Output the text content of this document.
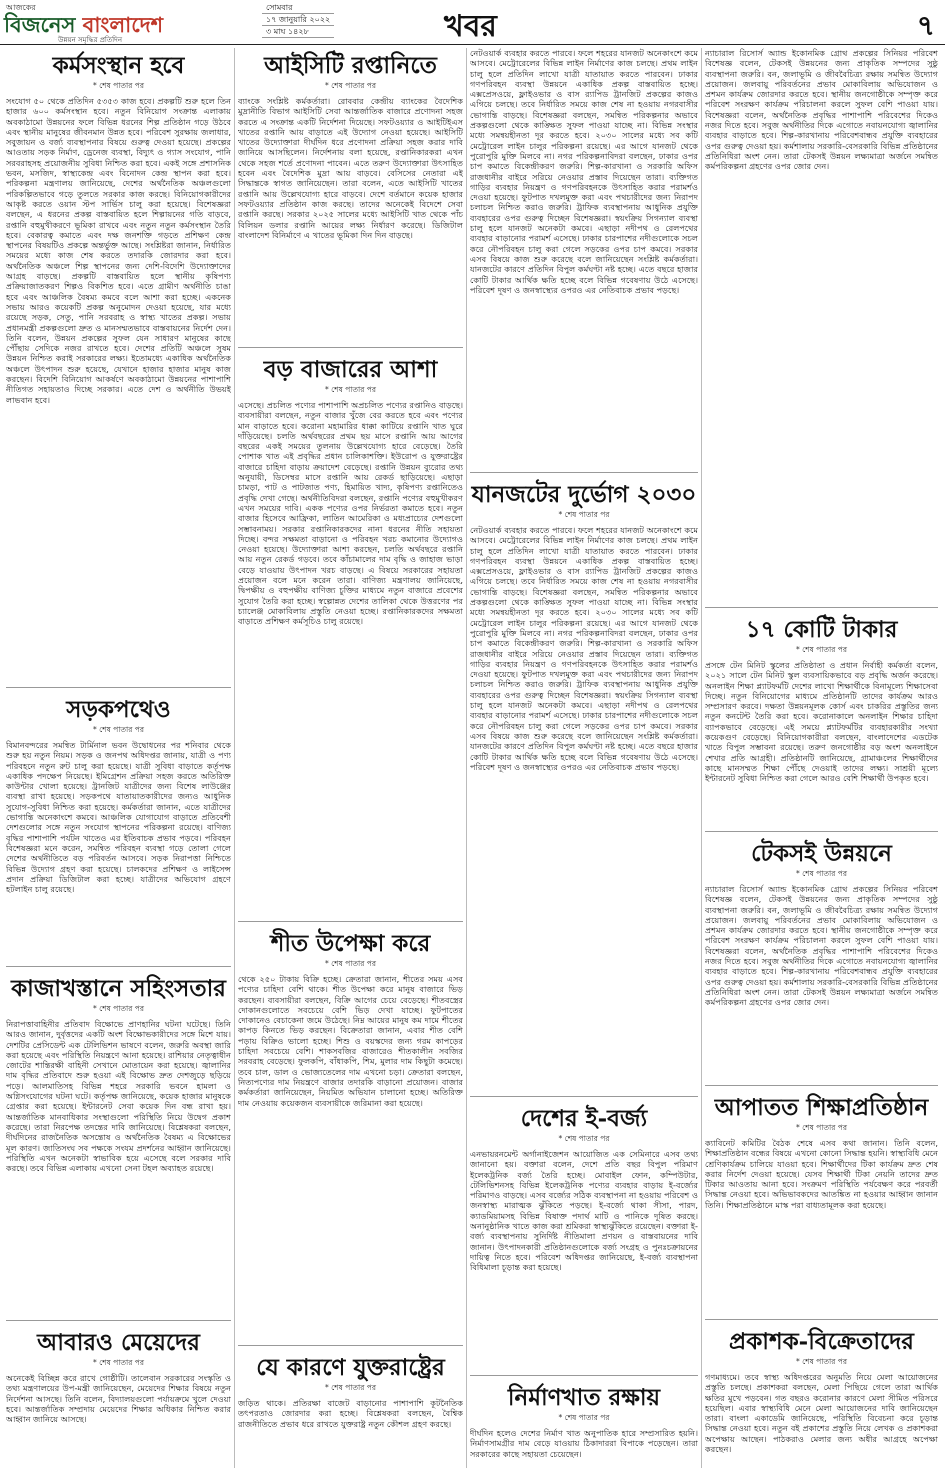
আজকের
বিজনেস বাংলাদেশ
উন্নয়ন সমৃদ্ধির প্রতিদিন
সোমবার
১৭ জানুয়ারি ২০২২
৩ মাঘ ১৪২৮	খবর	৭
কর্মসংস্থান হবে
* শেষ পাতার পর

সংযোগ ৫০ থেকে প্রতিদিন ৫৩৫৩ কাজ হবে। প্রকল্পটি শুরু হলে তিন হাজার ৬০০ কর্মসংস্থান হবে। নতুন বিনিয়োগ সংক্রান্ত এলাকায় অবকাঠামো উন্নয়নের ফলে বিভিন্ন ধরনের শিল্প প্রতিষ্ঠান গড়ে উঠবে এবং স্থানীয় মানুষের জীবনমান উন্নত হবে। পরিবেশ সুরক্ষায় জলাধার, সবুজায়ন ও বর্জ্য ব্যবস্থাপনার বিষয়ে গুরুত্ব দেওয়া হয়েছে। প্রকল্পের আওতায় সড়ক নির্মাণ, ড্রেনেজ ব্যবস্থা, বিদ্যুৎ ও গ্যাস সংযোগ, পানি সরবরাহসহ প্রয়োজনীয় সুবিধা নিশ্চিত করা হবে। একই সঙ্গে প্রশাসনিক ভবন, মসজিদ, স্বাস্থ্যকেন্দ্র এবং বিনোদন কেন্দ্র স্থাপন করা হবে। পরিকল্পনা মন্ত্রণালয় জানিয়েছে, দেশের অর্থনৈতিক অঞ্চলগুলো পরিকল্পিতভাবে গড়ে তুলতে সরকার কাজ করছে। বিনিয়োগকারীদের আকৃষ্ট করতে ওয়ান স্টপ সার্ভিস চালু করা হয়েছে। বিশেষজ্ঞরা বলছেন, এ ধরনের প্রকল্প বাস্তবায়িত হলে শিল্পায়নের গতি বাড়বে, রপ্তানি বহুমুখীকরণে ভূমিকা রাখবে এবং নতুন নতুন কর্মসংস্থান তৈরি হবে। বেকারত্ব কমাতে এবং দক্ষ জনশক্তি গড়তে প্রশিক্ষণ কেন্দ্র স্থাপনের বিষয়টিও প্রকল্পে অন্তর্ভুক্ত আছে। সংশ্লিষ্টরা জানান, নির্ধারিত সময়ের মধ্যে কাজ শেষ করতে তদারকি জোরদার করা হবে। অর্থনৈতিক অঞ্চলে শিল্প স্থাপনের জন্য দেশি-বিদেশি উদ্যোক্তাদের আগ্রহ বাড়ছে। প্রকল্পটি বাস্তবায়িত হলে স্থানীয় কৃষিপণ্য প্রক্রিয়াজাতকরণ শিল্পও বিকশিত হবে। এতে গ্রামীণ অর্থনীতি চাঙা হবে এবং আঞ্চলিক বৈষম্য কমবে বলে আশা করা হচ্ছে। একনেক সভায় আরও কয়েকটি প্রকল্প অনুমোদন দেওয়া হয়েছে, যার মধ্যে রয়েছে সড়ক, সেতু, পানি সরবরাহ ও স্বাস্থ্য খাতের প্রকল্প। সভায় প্রধানমন্ত্রী প্রকল্পগুলো দ্রুত ও মানসম্মতভাবে বাস্তবায়নের নির্দেশ দেন। তিনি বলেন, উন্নয়ন প্রকল্পের সুফল যেন সাধারণ মানুষের কাছে পৌঁছায় সেদিকে নজর রাখতে হবে। দেশের প্রতিটি অঞ্চলে সুষম উন্নয়ন নিশ্চিত করাই সরকারের লক্ষ্য। ইতোমধ্যে একাধিক অর্থনৈতিক অঞ্চলে উৎপাদন শুরু হয়েছে, যেখানে হাজার হাজার মানুষ কাজ করছেন। বিদেশি বিনিয়োগ আকর্ষণে অবকাঠামো উন্নয়নের পাশাপাশি নীতিগত সহায়তাও দিচ্ছে সরকার। এতে দেশ ও অর্থনীতি উভয়ই লাভবান হবে।

সড়কপথেও
* শেষ পাতার পর

বিমানবন্দরের সমন্বিত টার্মিনাল ভবন উদ্বোধনের পর শনিবার থেকে শুরু হয় নতুন নিয়ম। সড়ক ও জনপথ অধিদপ্তর জানায়, যাত্রী ও পণ্য পরিবহনে নতুন রুট চালু করা হয়েছে। যাত্রী সুবিধা বাড়াতে কর্তৃপক্ষ একাধিক পদক্ষেপ নিয়েছে। ইমিগ্রেশন প্রক্রিয়া সহজ করতে অতিরিক্ত কাউন্টার খোলা হয়েছে। ট্রানজিট যাত্রীদের জন্য বিশেষ লাউঞ্জের ব্যবস্থা রাখা হয়েছে। সড়কপথে যাতায়াতকারীদের জন্যও আধুনিক সুযোগ-সুবিধা নিশ্চিত করা হয়েছে। কর্মকর্তারা জানান, এতে যাত্রীদের ভোগান্তি অনেকাংশে কমবে। আঞ্চলিক যোগাযোগ বাড়াতে প্রতিবেশী দেশগুলোর সঙ্গে নতুন সংযোগ স্থাপনের পরিকল্পনা রয়েছে। বাণিজ্য বৃদ্ধির পাশাপাশি পর্যটন খাতেও এর ইতিবাচক প্রভাব পড়বে। পরিবহন বিশেষজ্ঞরা মনে করেন, সমন্বিত পরিবহন ব্যবস্থা গড়ে তোলা গেলে দেশের অর্থনীতিতে বড় পরিবর্তন আসবে। সড়ক নিরাপত্তা নিশ্চিতে বিভিন্ন উদ্যোগ গ্রহণ করা হয়েছে। চালকদের প্রশিক্ষণ ও লাইসেন্স প্রদান প্রক্রিয়া ডিজিটাল করা হচ্ছে। যাত্রীদের অভিযোগ গ্রহণে হটলাইন চালু রয়েছে।

কাজাখস্তানে সহিংসতার
* শেষ পাতার পর

নিরাপত্তাবাহিনীর প্রতিবাদ বিক্ষোভে প্রাণহানির ঘটনা ঘটেছে। তিনি আরও জানান, দুর্বৃত্তদের একটি অংশ বিক্ষোভকারীদের সঙ্গে মিশে যায়। দেশটির প্রেসিডেন্ট এক টেলিভিশন ভাষণে বলেন, জরুরি অবস্থা জারি করা হয়েছে এবং পরিস্থিতি নিয়ন্ত্রণে আনা হয়েছে। রাশিয়ার নেতৃত্বাধীন জোটের শান্তিরক্ষী বাহিনী সেখানে মোতায়েন করা হয়েছে। জ্বালানির দাম বৃদ্ধির প্রতিবাদে শুরু হওয়া এই বিক্ষোভ দ্রুত দেশজুড়ে ছড়িয়ে পড়ে। আলমাতিসহ বিভিন্ন শহরে সরকারি ভবনে হামলা ও অগ্নিসংযোগের ঘটনা ঘটে। কর্তৃপক্ষ জানিয়েছে, কয়েক হাজার মানুষকে গ্রেপ্তার করা হয়েছে। ইন্টারনেট সেবা কয়েক দিন বন্ধ রাখা হয়। আন্তর্জাতিক মানবাধিকার সংস্থাগুলো পরিস্থিতি নিয়ে উদ্বেগ প্রকাশ করেছে। তারা নিরপেক্ষ তদন্তের দাবি জানিয়েছে। বিশ্লেষকরা বলছেন, দীর্ঘদিনের রাজনৈতিক অসন্তোষ ও অর্থনৈতিক বৈষম্য এ বিক্ষোভের মূল কারণ। জাতিসংঘ সব পক্ষকে সংযম প্রদর্শনের আহ্বান জানিয়েছে। পরিস্থিতি এখন অনেকটা স্বাভাবিক হয়ে এসেছে বলে সরকার দাবি করছে। তবে বিভিন্ন এলাকায় এখনো সেনা টহল অব্যাহত রয়েছে।

আবারও মেয়েদের
* শেষ পাতার পর

অনেকেই বিচ্ছিন্ন করে রাখে গোষ্ঠীটি। তালেবান সরকারের সংস্কৃতি ও তথ্য মন্ত্রণালয়ের উপ-মন্ত্রী জানিয়েছেন, মেয়েদের শিক্ষার বিষয়ে নতুন নির্দেশনা আসছে। তিনি বলেন, বিদ্যালয়গুলো পর্যায়ক্রমে খুলে দেওয়া হবে। আন্তর্জাতিক সম্প্রদায় মেয়েদের শিক্ষার অধিকার নিশ্চিত করার আহ্বান জানিয়ে আসছে।

আইসিটি রপ্তানিতে
* শেষ পাতার পর

ব্যাংকে সংশ্লিষ্ট কর্মকর্তারা। রোববার কেন্দ্রীয় ব্যাংকের বৈদেশিক মুদ্রানীতি বিভাগ আইসিটি সেবা আন্তর্জাতিক বাজারে প্রণোদনা সহজ করতে এ সংক্রান্ত একটি নির্দেশনা দিয়েছে। সফটওয়্যার ও আইটিইএস খাতের রপ্তানি আয় বাড়াতে এই উদ্যোগ নেওয়া হয়েছে। আইসিটি খাতের উদ্যোক্তারা দীর্ঘদিন ধরে প্রণোদনা প্রক্রিয়া সহজ করার দাবি জানিয়ে আসছিলেন। নির্দেশনায় বলা হয়েছে, রপ্তানিকারকরা এখন থেকে সহজ শর্তে প্রণোদনা পাবেন। এতে তরুণ উদ্যোক্তারা উৎসাহিত হবেন এবং বৈদেশিক মুদ্রা আয় বাড়বে। বেসিসের নেতারা এই সিদ্ধান্তকে স্বাগত জানিয়েছেন। তারা বলেন, এতে আইসিটি খাতের রপ্তানি আয় উল্লেখযোগ্য হারে বাড়বে। দেশে বর্তমানে কয়েক হাজার সফটওয়্যার প্রতিষ্ঠান কাজ করছে। তাদের অনেকেই বিদেশে সেবা রপ্তানি করছে। সরকার ২০২৫ সালের মধ্যে আইসিটি খাত থেকে পাঁচ বিলিয়ন ডলার রপ্তানি আয়ের লক্ষ্য নির্ধারণ করেছে। ডিজিটাল বাংলাদেশ বিনির্মাণে এ খাতের ভূমিকা দিন দিন বাড়ছে।

বড় বাজারের আশা
* শেষ পাতার পর

এসেছে। প্রচলিত পণ্যের পাশাপাশি অপ্রচলিত পণ্যের রপ্তানিও বাড়ছে। ব্যবসায়ীরা বলছেন, নতুন বাজার খুঁজে বের করতে হবে এবং পণ্যের মান বাড়াতে হবে। করোনা মহামারির ধাক্কা কাটিয়ে রপ্তানি খাত ঘুরে দাঁড়িয়েছে। চলতি অর্থবছরের প্রথম ছয় মাসে রপ্তানি আয় আগের বছরের একই সময়ের তুলনায় উল্লেখযোগ্য হারে বেড়েছে। তৈরি পোশাক খাত এই প্রবৃদ্ধির প্রধান চালিকাশক্তি। ইউরোপ ও যুক্তরাষ্ট্রের বাজারে চাহিদা বাড়ায় ক্রয়াদেশ বেড়েছে। রপ্তানি উন্নয়ন ব্যুরোর তথ্য অনুযায়ী, ডিসেম্বর মাসে রপ্তানি আয় রেকর্ড ছাড়িয়েছে। এছাড়া চামড়া, পাট ও পাটজাত পণ্য, হিমায়িত খাদ্য, কৃষিপণ্য রপ্তানিতেও প্রবৃদ্ধি দেখা গেছে। অর্থনীতিবিদরা বলছেন, রপ্তানি পণ্যের বহুমুখীকরণ এখন সময়ের দাবি। একক পণ্যের ওপর নির্ভরতা কমাতে হবে। নতুন বাজার হিসেবে আফ্রিকা, লাতিন আমেরিকা ও মধ্যপ্রাচ্যের দেশগুলো সম্ভাবনাময়। সরকার রপ্তানিকারকদের নানা ধরনের নীতি সহায়তা দিচ্ছে। বন্দর সক্ষমতা বাড়ানো ও পরিবহন খরচ কমানোর উদ্যোগও নেওয়া হয়েছে। উদ্যোক্তারা আশা করছেন, চলতি অর্থবছরে রপ্তানি আয় নতুন রেকর্ড গড়বে। তবে কাঁচামালের দাম বৃদ্ধি ও জাহাজ ভাড়া বেড়ে যাওয়ায় উৎপাদন খরচ বাড়ছে। এ বিষয়ে সরকারের সহায়তা প্রয়োজন বলে মনে করেন তারা। বাণিজ্য মন্ত্রণালয় জানিয়েছে, দ্বিপক্ষীয় ও বহুপক্ষীয় বাণিজ্য চুক্তির মাধ্যমে নতুন বাজারে প্রবেশের সুযোগ তৈরি করা হচ্ছে। স্বল্পোন্নত দেশের তালিকা থেকে উত্তরণের পর চ্যালেঞ্জ মোকাবিলায় প্রস্তুতি নেওয়া হচ্ছে। রপ্তানিকারকদের সক্ষমতা বাড়াতে প্রশিক্ষণ কর্মসূচিও চালু রয়েছে।

শীত উপেক্ষা করে
* শেষ পাতার পর

থেকে ২৫০ টাকায় বিক্রি হচ্ছে। ক্রেতারা জানান, শীতের সময় এসব পণ্যের চাহিদা বেশি থাকে। শীত উপেক্ষা করে মানুষ বাজারে ভিড় করছেন। ব্যবসায়ীরা বলছেন, বিক্রি আগের চেয়ে বেড়েছে। শীতবস্ত্রের দোকানগুলোতে সবচেয়ে বেশি ভিড় দেখা যাচ্ছে। ফুটপাতের দোকানেও বেচাকেনা জমে উঠেছে। নিম্ন আয়ের মানুষ কম দামে শীতের কাপড় কিনতে ভিড় করছেন। বিক্রেতারা জানান, এবার শীত বেশি পড়ায় বিক্রিও ভালো হচ্ছে। শিশু ও বয়স্কদের জন্য গরম কাপড়ের চাহিদা সবচেয়ে বেশি। শাকসবজির বাজারেও শীতকালীন সবজির সরবরাহ বেড়েছে। ফুলকপি, বাঁধাকপি, শিম, মুলার দাম কিছুটা কমেছে। তবে চাল, ডাল ও ভোজ্যতেলের দাম এখনো চড়া। ক্রেতারা বলছেন, নিত্যপণ্যের দাম নিয়ন্ত্রণে বাজার তদারকি বাড়ানো প্রয়োজন। বাজার কর্মকর্তারা জানিয়েছেন, নিয়মিত অভিযান চালানো হচ্ছে। অতিরিক্ত দাম নেওয়ায় কয়েকজন ব্যবসায়ীকে জরিমানা করা হয়েছে।

যে কারণে যুক্তরাষ্ট্রের
* শেষ পাতার পর

জড়িত থাকে। প্রতিরক্ষা বাজেট বাড়ানোর পাশাপাশি কূটনৈতিক তৎপরতাও জোরদার করা হচ্ছে। বিশ্লেষকরা বলছেন, বৈশ্বিক রাজনীতিতে প্রভাব ধরে রাখতে যুক্তরাষ্ট্র নতুন কৌশল গ্রহণ করছে।

নেটওয়ার্ক ব্যবহার করতে পারবে। ফলে শহরের যানজট অনেকাংশে কমে আসবে। মেট্রোরেলের বিভিন্ন লাইন নির্মাণের কাজ চলছে। প্রথম লাইন চালু হলে প্রতিদিন লাখো যাত্রী যাতায়াত করতে পারবেন। ঢাকার গণপরিবহন ব্যবস্থা উন্নয়নে একাধিক প্রকল্প বাস্তবায়িত হচ্ছে। এক্সপ্রেসওয়ে, ফ্লাইওভার ও বাস র‍্যাপিড ট্রানজিট প্রকল্পের কাজও এগিয়ে চলছে। তবে নির্ধারিত সময়ে কাজ শেষ না হওয়ায় নগরবাসীর ভোগান্তি বাড়ছে। বিশেষজ্ঞরা বলছেন, সমন্বিত পরিকল্পনার অভাবে প্রকল্পগুলো থেকে কাঙ্ক্ষিত সুফল পাওয়া যাচ্ছে না। বিভিন্ন সংস্থার মধ্যে সমন্বয়হীনতা দূর করতে হবে। ২০৩০ সালের মধ্যে সব কটি মেট্রোরেল লাইন চালুর পরিকল্পনা রয়েছে। এর আগে যানজট থেকে পুরোপুরি মুক্তি মিলবে না। নগর পরিকল্পনাবিদরা বলছেন, ঢাকার ওপর চাপ কমাতে বিকেন্দ্রীকরণ জরুরি। শিল্প-কারখানা ও সরকারি অফিস রাজধানীর বাইরে সরিয়ে নেওয়ার প্রস্তাব দিয়েছেন তারা। ব্যক্তিগত গাড়ির ব্যবহার নিয়ন্ত্রণ ও গণপরিবহনকে উৎসাহিত করার পরামর্শও দেওয়া হয়েছে। ফুটপাত দখলমুক্ত করা এবং পথচারীদের জন্য নিরাপদ চলাচল নিশ্চিত করাও জরুরি। ট্রাফিক ব্যবস্থাপনায় আধুনিক প্রযুক্তি ব্যবহারের ওপর গুরুত্ব দিচ্ছেন বিশেষজ্ঞরা। স্বয়ংক্রিয় সিগন্যাল ব্যবস্থা চালু হলে যানজট অনেকটা কমবে। এছাড়া নদীপথ ও রেলপথের ব্যবহার বাড়ানোর পরামর্শ এসেছে। ঢাকার চারপাশের নদীগুলোকে সচল করে নৌপরিবহন চালু করা গেলে সড়কের ওপর চাপ কমবে। সরকার এসব বিষয়ে কাজ শুরু করেছে বলে জানিয়েছেন সংশ্লিষ্ট কর্মকর্তারা। যানজটের কারণে প্রতিদিন বিপুল কর্মঘণ্টা নষ্ট হচ্ছে। এতে বছরে হাজার কোটি টাকার আর্থিক ক্ষতি হচ্ছে বলে বিভিন্ন গবেষণায় উঠে এসেছে। পরিবেশ দূষণ ও জনস্বাস্থ্যের ওপরও এর নেতিবাচক প্রভাব পড়ছে।

যানজটের দুর্ভোগ ২০৩০
* শেষ পাতার পর

নেটওয়ার্ক ব্যবহার করতে পারবে। ফলে শহরের যানজট অনেকাংশে কমে আসবে। মেট্রোরেলের বিভিন্ন লাইন নির্মাণের কাজ চলছে। প্রথম লাইন চালু হলে প্রতিদিন লাখো যাত্রী যাতায়াত করতে পারবেন। ঢাকার গণপরিবহন ব্যবস্থা উন্নয়নে একাধিক প্রকল্প বাস্তবায়িত হচ্ছে। এক্সপ্রেসওয়ে, ফ্লাইওভার ও বাস র‍্যাপিড ট্রানজিট প্রকল্পের কাজও এগিয়ে চলছে। তবে নির্ধারিত সময়ে কাজ শেষ না হওয়ায় নগরবাসীর ভোগান্তি বাড়ছে। বিশেষজ্ঞরা বলছেন, সমন্বিত পরিকল্পনার অভাবে প্রকল্পগুলো থেকে কাঙ্ক্ষিত সুফল পাওয়া যাচ্ছে না। বিভিন্ন সংস্থার মধ্যে সমন্বয়হীনতা দূর করতে হবে। ২০৩০ সালের মধ্যে সব কটি মেট্রোরেল লাইন চালুর পরিকল্পনা রয়েছে। এর আগে যানজট থেকে পুরোপুরি মুক্তি মিলবে না। নগর পরিকল্পনাবিদরা বলছেন, ঢাকার ওপর চাপ কমাতে বিকেন্দ্রীকরণ জরুরি। শিল্প-কারখানা ও সরকারি অফিস রাজধানীর বাইরে সরিয়ে নেওয়ার প্রস্তাব দিয়েছেন তারা। ব্যক্তিগত গাড়ির ব্যবহার নিয়ন্ত্রণ ও গণপরিবহনকে উৎসাহিত করার পরামর্শও দেওয়া হয়েছে। ফুটপাত দখলমুক্ত করা এবং পথচারীদের জন্য নিরাপদ চলাচল নিশ্চিত করাও জরুরি। ট্রাফিক ব্যবস্থাপনায় আধুনিক প্রযুক্তি ব্যবহারের ওপর গুরুত্ব দিচ্ছেন বিশেষজ্ঞরা। স্বয়ংক্রিয় সিগন্যাল ব্যবস্থা চালু হলে যানজট অনেকটা কমবে। এছাড়া নদীপথ ও রেলপথের ব্যবহার বাড়ানোর পরামর্শ এসেছে। ঢাকার চারপাশের নদীগুলোকে সচল করে নৌপরিবহন চালু করা গেলে সড়কের ওপর চাপ কমবে। সরকার এসব বিষয়ে কাজ শুরু করেছে বলে জানিয়েছেন সংশ্লিষ্ট কর্মকর্তারা। যানজটের কারণে প্রতিদিন বিপুল কর্মঘণ্টা নষ্ট হচ্ছে। এতে বছরে হাজার কোটি টাকার আর্থিক ক্ষতি হচ্ছে বলে বিভিন্ন গবেষণায় উঠে এসেছে। পরিবেশ দূষণ ও জনস্বাস্থ্যের ওপরও এর নেতিবাচক প্রভাব পড়ছে।

দেশের ই-বর্জ্য
* শেষ পাতার পর

এনভায়রনমেন্ট অর্গানাইজেশন আয়োজিত এক সেমিনারে এসব তথ্য জানানো হয়। বক্তারা বলেন, দেশে প্রতি বছর বিপুল পরিমাণ ইলেকট্রনিক বর্জ্য তৈরি হচ্ছে। মোবাইল ফোন, কম্পিউটার, টেলিভিশনসহ বিভিন্ন ইলেকট্রনিক পণ্যের ব্যবহার বাড়ায় ই-বর্জ্যের পরিমাণও বাড়ছে। এসব বর্জ্যের সঠিক ব্যবস্থাপনা না হওয়ায় পরিবেশ ও জনস্বাস্থ্য মারাত্মক ঝুঁকিতে পড়ছে। ই-বর্জ্যে থাকা সীসা, পারদ, ক্যাডমিয়ামসহ বিভিন্ন বিষাক্ত পদার্থ মাটি ও পানিকে দূষিত করছে। অনানুষ্ঠানিক খাতে কাজ করা শ্রমিকরা স্বাস্থ্যঝুঁকিতে রয়েছেন। বক্তারা ই-বর্জ্য ব্যবস্থাপনায় সুনির্দিষ্ট নীতিমালা প্রণয়ন ও বাস্তবায়নের দাবি জানান। উৎপাদনকারী প্রতিষ্ঠানগুলোকে বর্জ্য সংগ্রহ ও পুনঃচক্রায়নের দায়িত্ব নিতে হবে। পরিবেশ অধিদপ্তর জানিয়েছে, ই-বর্জ্য ব্যবস্থাপনা বিধিমালা চূড়ান্ত করা হয়েছে।

নির্মাণখাত রক্ষায়
* শেষ পাতার পর

দীর্ঘদিন হলেও দেশের নির্মাণ খাত অনুপাতিক হারে সম্প্রসারিত হয়নি। নির্মাণসামগ্রীর দাম বেড়ে যাওয়ায় ঠিকাদাররা বিপাকে পড়েছেন। তারা সরকারের কাছে সহায়তা চেয়েছেন।

ন্যাচারাল রিসোর্স অ্যান্ড ইকোনমিক গ্রোথ প্রকল্পের সিনিয়র পরিবেশ বিশেষজ্ঞ বলেন, টেকসই উন্নয়নের জন্য প্রাকৃতিক সম্পদের সুষ্ঠু ব্যবস্থাপনা জরুরি। বন, জলাভূমি ও জীববৈচিত্র্য রক্ষায় সমন্বিত উদ্যোগ প্রয়োজন। জলবায়ু পরিবর্তনের প্রভাব মোকাবিলায় অভিযোজন ও প্রশমন কার্যক্রম জোরদার করতে হবে। স্থানীয় জনগোষ্ঠীকে সম্পৃক্ত করে পরিবেশ সংরক্ষণ কার্যক্রম পরিচালনা করলে সুফল বেশি পাওয়া যায়। বিশেষজ্ঞরা বলেন, অর্থনৈতিক প্রবৃদ্ধির পাশাপাশি পরিবেশের দিকেও নজর দিতে হবে। সবুজ অর্থনীতির দিকে এগোতে নবায়নযোগ্য জ্বালানির ব্যবহার বাড়াতে হবে। শিল্প-কারখানায় পরিবেশবান্ধব প্রযুক্তি ব্যবহারের ওপর গুরুত্ব দেওয়া হয়। কর্মশালায় সরকারি-বেসরকারি বিভিন্ন প্রতিষ্ঠানের প্রতিনিধিরা অংশ নেন। তারা টেকসই উন্নয়ন লক্ষ্যমাত্রা অর্জনে সমন্বিত কর্মপরিকল্পনা গ্রহণের ওপর জোর দেন।

১৭ কোটি টাকার
* শেষ পাতার পর

প্রসঙ্গে টেন মিনিট স্কুলের প্রতিষ্ঠাতা ও প্রধান নির্বাহী কর্মকর্তা বলেন, ২০২১ সালে টেন মিনিট স্কুল ব্যবসায়িকভাবে বড় প্রবৃদ্ধি অর্জন করেছে। অনলাইন শিক্ষা প্ল্যাটফর্মটি দেশের লাখো শিক্ষার্থীকে বিনামূল্যে শিক্ষাসেবা দিচ্ছে। নতুন বিনিয়োগের মাধ্যমে প্রতিষ্ঠানটি তাদের কার্যক্রম আরও সম্প্রসারণ করবে। দক্ষতা উন্নয়নমূলক কোর্স এবং চাকরির প্রস্তুতির জন্য নতুন কনটেন্ট তৈরি করা হবে। করোনাকালে অনলাইন শিক্ষার চাহিদা ব্যাপকভাবে বেড়েছে। এই সময়ে প্ল্যাটফর্মটির ব্যবহারকারীর সংখ্যা কয়েকগুণ বেড়েছে। বিনিয়োগকারীরা বলছেন, বাংলাদেশের এডটেক খাতে বিপুল সম্ভাবনা রয়েছে। তরুণ জনগোষ্ঠীর বড় অংশ অনলাইনে শেখার প্রতি আগ্রহী। প্রতিষ্ঠানটি জানিয়েছে, গ্রামাঞ্চলের শিক্ষার্থীদের কাছে মানসম্মত শিক্ষা পৌঁছে দেওয়াই তাদের লক্ষ্য। সাশ্রয়ী মূল্যে ইন্টারনেট সুবিধা নিশ্চিত করা গেলে আরও বেশি শিক্ষার্থী উপকৃত হবে।

টেকসই উন্নয়নে
* শেষ পাতার পর

ন্যাচারাল রিসোর্স অ্যান্ড ইকোনমিক গ্রোথ প্রকল্পের সিনিয়র পরিবেশ বিশেষজ্ঞ বলেন, টেকসই উন্নয়নের জন্য প্রাকৃতিক সম্পদের সুষ্ঠু ব্যবস্থাপনা জরুরি। বন, জলাভূমি ও জীববৈচিত্র্য রক্ষায় সমন্বিত উদ্যোগ প্রয়োজন। জলবায়ু পরিবর্তনের প্রভাব মোকাবিলায় অভিযোজন ও প্রশমন কার্যক্রম জোরদার করতে হবে। স্থানীয় জনগোষ্ঠীকে সম্পৃক্ত করে পরিবেশ সংরক্ষণ কার্যক্রম পরিচালনা করলে সুফল বেশি পাওয়া যায়। বিশেষজ্ঞরা বলেন, অর্থনৈতিক প্রবৃদ্ধির পাশাপাশি পরিবেশের দিকেও নজর দিতে হবে। সবুজ অর্থনীতির দিকে এগোতে নবায়নযোগ্য জ্বালানির ব্যবহার বাড়াতে হবে। শিল্প-কারখানায় পরিবেশবান্ধব প্রযুক্তি ব্যবহারের ওপর গুরুত্ব দেওয়া হয়। কর্মশালায় সরকারি-বেসরকারি বিভিন্ন প্রতিষ্ঠানের প্রতিনিধিরা অংশ নেন। তারা টেকসই উন্নয়ন লক্ষ্যমাত্রা অর্জনে সমন্বিত কর্মপরিকল্পনা গ্রহণের ওপর জোর দেন।

আপাতত শিক্ষাপ্রতিষ্ঠান
* শেষ পাতার পর

ক্যাবিনেট কমিটির বৈঠক শেষে এসব কথা জানান। তিনি বলেন, শিক্ষাপ্রতিষ্ঠান বন্ধের বিষয়ে এখনো কোনো সিদ্ধান্ত হয়নি। স্বাস্থ্যবিধি মেনে শ্রেণিকার্যক্রম চালিয়ে যাওয়া হবে। শিক্ষার্থীদের টিকা কার্যক্রম দ্রুত শেষ করার নির্দেশ দেওয়া হয়েছে। যেসব শিক্ষার্থী টিকা নেয়নি তাদের দ্রুত টিকার আওতায় আনা হবে। সংক্রমণ পরিস্থিতি পর্যবেক্ষণ করে পরবর্তী সিদ্ধান্ত নেওয়া হবে। অভিভাবকদের আতঙ্কিত না হওয়ার আহ্বান জানান তিনি। শিক্ষাপ্রতিষ্ঠানে মাস্ক পরা বাধ্যতামূলক করা হয়েছে।

প্রকাশক-বিক্রেতাদের
* শেষ পাতার পর

গণমাধ্যমে। তবে স্বাস্থ্য অধিদপ্তরের অনুমতি নিয়ে মেলা আয়োজনের প্রস্তুতি চলছে। প্রকাশকরা বলছেন, মেলা পিছিয়ে গেলে তারা আর্থিক ক্ষতির মুখে পড়বেন। গত বছরও করোনার কারণে মেলা সীমিত পরিসরে হয়েছিল। এবার স্বাস্থ্যবিধি মেনে মেলা আয়োজনের দাবি জানিয়েছেন তারা। বাংলা একাডেমি জানিয়েছে, পরিস্থিতি বিবেচনা করে চূড়ান্ত সিদ্ধান্ত নেওয়া হবে। নতুন বই প্রকাশের প্রস্তুতি নিয়ে লেখক ও প্রকাশকরা অপেক্ষায় আছেন। পাঠকরাও মেলার জন্য অধীর আগ্রহে অপেক্ষা করছেন।
